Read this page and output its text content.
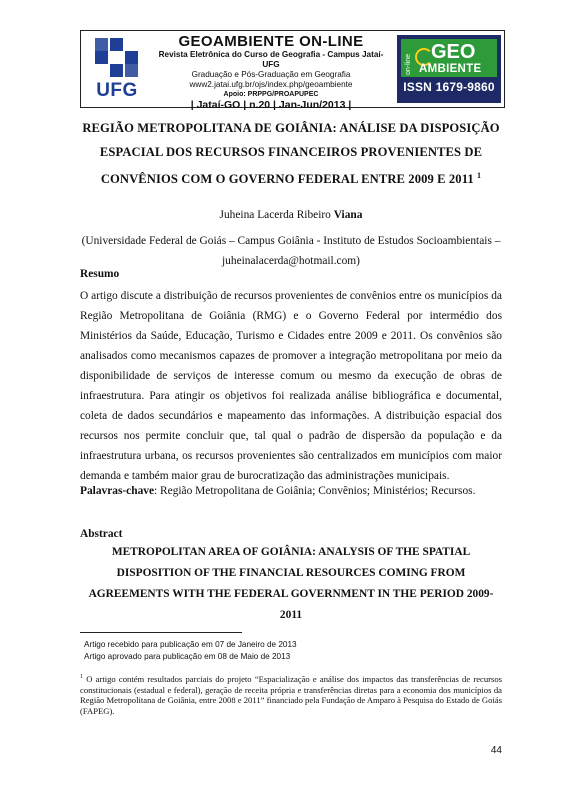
UFG
GEOAMBIENTE ON-LINE
Revista Eletrônica do Curso de Geografia - Campus Jataí- UFG
Graduação e Pós-Graduação em Geografia
www2.jatai.ufg.br/ojs/index.php/geoambiente
Apoio: PRPPG/PROAPUPEC
| Jataí-GO | n.20 | Jan-Jun/2013 |
on-line
GEO
AMBIENTE
ISSN 1679-9860
REGIÃO METROPOLITANA DE GOIÂNIA: ANÁLISE DA DISPOSIÇÃO ESPACIAL DOS RECURSOS FINANCEIROS PROVENIENTES DE CONVÊNIOS COM O GOVERNO FEDERAL ENTRE 2009 E 2011 $^1$
Juheina Lacerda Ribeiro Viana
(Universidade Federal de Goiás – Campus Goiânia - Instituto de Estudos Socioambientais – juheinalacerda@hotmail.com)
Resumo
O artigo discute a distribuição de recursos provenientes de convênios entre os municípios da Região Metropolitana de Goiânia (RMG) e o Governo Federal por intermédio dos Ministérios da Saúde, Educação, Turismo e Cidades entre 2009 e 2011. Os convênios são analisados como mecanismos capazes de promover a integração metropolitana por meio da disponibilidade de serviços de interesse comum ou mesmo da execução de obras de infraestrutura. Para atingir os objetivos foi realizada análise bibliográfica e documental, coleta de dados secundários e mapeamento das informações. A distribuição espacial dos recursos nos permite concluir que, tal qual o padrão de dispersão da população e da infraestrutura urbana, os recursos provenientes são centralizados em municípios com maior demanda e também maior grau de burocratização das administrações municipais.
Palavras-chave: Região Metropolitana de Goiânia; Convênios; Ministérios; Recursos.
Abstract
METROPOLITAN AREA OF GOIÂNIA: ANALYSIS OF THE SPATIAL DISPOSITION OF THE FINANCIAL RESOURCES COMING FROM AGREEMENTS WITH THE FEDERAL GOVERNMENT IN THE PERIOD 2009-2011
Artigo recebido para publicação em 07 de Janeiro de 2013
Artigo aprovado para publicação em 08 de Maio de 2013
$^1$ O artigo contém resultados parciais do projeto “Espacialização e análise dos impactos das transferências de recursos constitucionais (estadual e federal), geração de receita própria e transferências diretas para a economia dos municípios da Região Metropolitana de Goiânia, entre 2008 e 2011” financiado pela Fundação de Amparo à Pesquisa do Estado de Goiás (FAPEG).
44
